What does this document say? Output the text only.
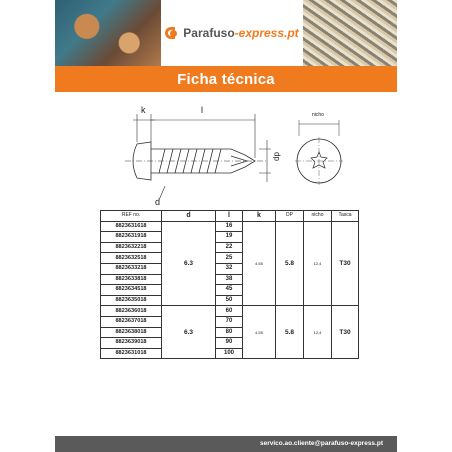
Parafuso-express.pt
Ficha técnica
k	l
dp
d
nicho
REF no.	d	l	k	DP	nicho	Tasca
8823631618	6.3	16	4,55	5.8	12,4	T30
8823631918		19				
8823632218		22				
8823632518		25				
8823633218		32				
8823633818		38				
8823634518		45				
8823635018		50				
8823636018	6.3	60	4,55	5.8	12,4	T30
8823637018		70				
8823638018		80				
8823639018		90				
8823631018		100				
servico.ao.cliente@parafuso-express.pt
